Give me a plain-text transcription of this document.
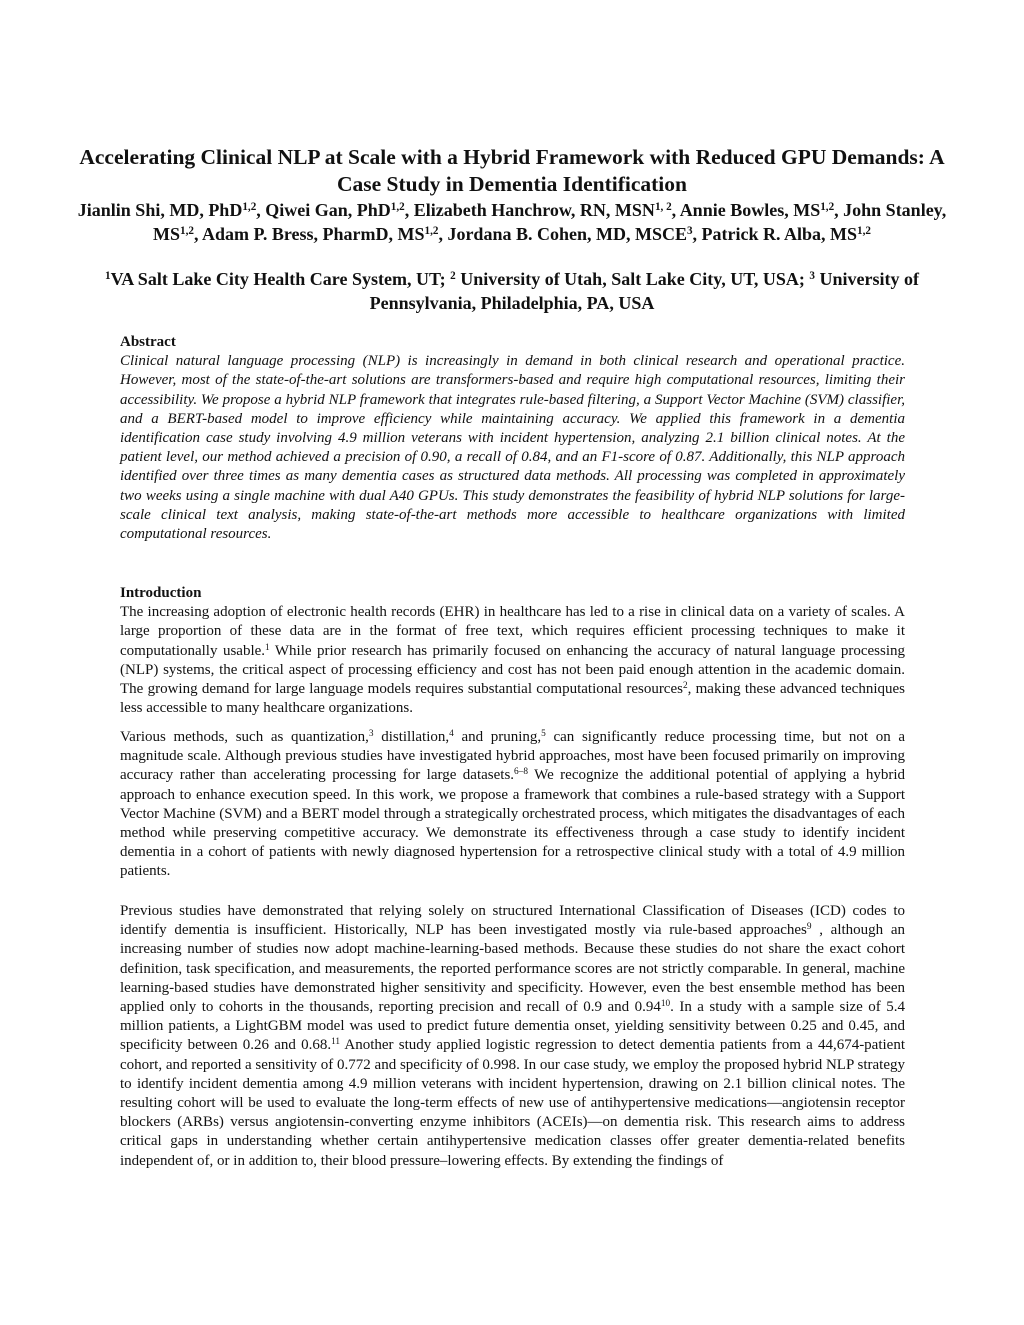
Accelerating Clinical NLP at Scale with a Hybrid Framework with Reduced GPU Demands: A Case Study in Dementia Identification
Jianlin Shi, MD, PhD$^{1,2}$, Qiwei Gan, PhD$^{1,2}$, Elizabeth Hanchrow, RN, MSN$^{1, 2}$, Annie Bowles, MS$^{1,2}$, John Stanley, MS$^{1,2}$, Adam P. Bress, PharmD, MS$^{1,2}$, Jordana B. Cohen, MD, MSCE$^3$, Patrick R. Alba, MS$^{1,2}$
$^1$VA Salt Lake City Health Care System, UT; $^2$ University of Utah, Salt Lake City, UT, USA; $^3$ University of Pennsylvania, Philadelphia, PA, USA

Abstract

Clinical natural language processing (NLP) is increasingly in demand in both clinical research and operational practice. However, most of the state-of-the-art solutions are transformers-based and require high computational resources, limiting their accessibility. We propose a hybrid NLP framework that integrates rule-based filtering, a Support Vector Machine (SVM) classifier, and a BERT-based model to improve efficiency while maintaining accuracy. We applied this framework in a dementia identification case study involving 4.9 million veterans with incident hypertension, analyzing 2.1 billion clinical notes. At the patient level, our method achieved a precision of 0.90, a recall of 0.84, and an F1-score of 0.87. Additionally, this NLP approach identified over three times as many dementia cases as structured data methods. All processing was completed in approximately two weeks using a single machine with dual A40 GPUs. This study demonstrates the feasibility of hybrid NLP solutions for large-scale clinical text analysis, making state-of-the-art methods more accessible to healthcare organizations with limited computational resources.

Introduction

The increasing adoption of electronic health records (EHR) in healthcare has led to a rise in clinical data on a variety of scales. A large proportion of these data are in the format of free text, which requires efficient processing techniques to make it computationally usable.$^1$ While prior research has primarily focused on enhancing the accuracy of natural language processing (NLP) systems, the critical aspect of processing efficiency and cost has not been paid enough attention in the academic domain. The growing demand for large language models requires substantial computational resources$^2$, making these advanced techniques less accessible to many healthcare organizations.

Various methods, such as quantization,$^3$ distillation,$^4$ and pruning,$^5$ can significantly reduce processing time, but not on a magnitude scale. Although previous studies have investigated hybrid approaches, most have been focused primarily on improving accuracy rather than accelerating processing for large datasets.$^{6-8}$ We recognize the additional potential of applying a hybrid approach to enhance execution speed. In this work, we propose a framework that combines a rule-based strategy with a Support Vector Machine (SVM) and a BERT model through a strategically orchestrated process, which mitigates the disadvantages of each method while preserving competitive accuracy. We demonstrate its effectiveness through a case study to identify incident dementia in a cohort of patients with newly diagnosed hypertension for a retrospective clinical study with a total of 4.9 million patients.

Previous studies have demonstrated that relying solely on structured International Classification of Diseases (ICD) codes to identify dementia is insufficient. Historically, NLP has been investigated mostly via rule-based approaches$^9$ , although an increasing number of studies now adopt machine-learning-based methods. Because these studies do not share the exact cohort definition, task specification, and measurements, the reported performance scores are not strictly comparable. In general, machine learning-based studies have demonstrated higher sensitivity and specificity. However, even the best ensemble method has been applied only to cohorts in the thousands, reporting precision and recall of 0.9 and 0.94$^{10}$. In a study with a sample size of 5.4 million patients, a LightGBM model was used to predict future dementia onset, yielding sensitivity between 0.25 and 0.45, and specificity between 0.26 and 0.68.11 Another study applied logistic regression to detect dementia patients from a 44,674-patient cohort, and reported a sensitivity of 0.772 and specificity of 0.998. In our case study, we employ the proposed hybrid NLP strategy to identify incident dementia among 4.9 million veterans with incident hypertension, drawing on 2.1 billion clinical notes. The resulting cohort will be used to evaluate the long-term effects of new use of antihypertensive medications—angiotensin receptor blockers (ARBs) versus angiotensin-converting enzyme inhibitors (ACEIs)—on dementia risk. This research aims to address critical gaps in understanding whether certain antihypertensive medication classes offer greater dementia-related benefits independent of, or in addition to, their blood pressure–lowering effects. By extending the findings of
